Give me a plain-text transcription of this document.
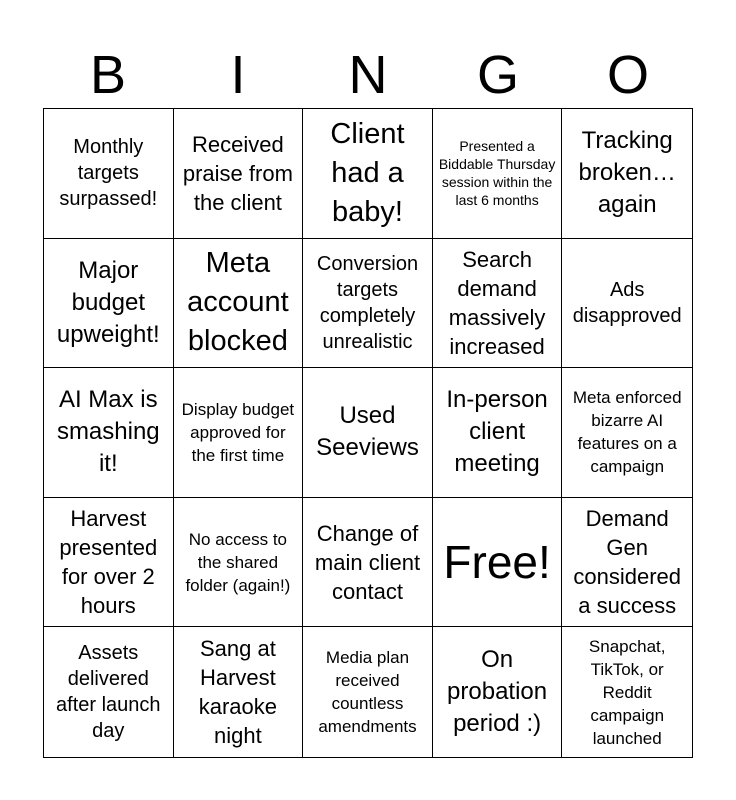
B	I	N	G	O
Monthly targets surpassed!
Received praise from the client
Client had a baby!
Presented a Biddable Thursday session within the last 6 months
Tracking broken… again
Major budget upweight!
Meta account blocked
Conversion targets completely unrealistic
Search demand massively increased
Ads disapproved
AI Max is smashing it!
Display budget approved for the first time
Used Seeviews
In-person client meeting
Meta enforced bizarre AI features on a campaign
Harvest presented for over 2 hours
No access to the shared folder (again!)
Change of main client contact
Free!
Demand Gen considered a success
Assets delivered after launch day
Sang at Harvest karaoke night
Media plan received countless amendments
On probation period :)
Snapchat, TikTok, or Reddit campaign launched
